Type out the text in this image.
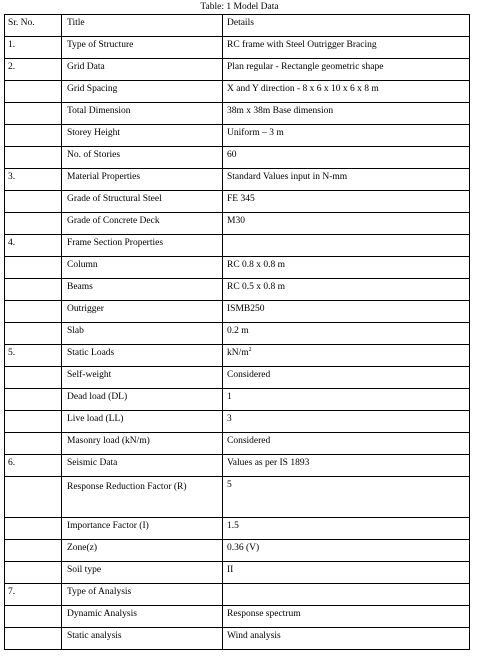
Table: 1 Model Data
Sr. No.	Title	Details
1.	Type of Structure	RC frame with Steel Outrigger Bracing
2.	Grid Data	Plan regular - Rectangle geometric shape
	Grid Spacing	X and Y direction - 8 x 6 x 10 x 6 x 8 m
	Total Dimension	38m x 38m Base dimension
	Storey Height	Uniform – 3 m
	No. of Stories	60
3.	Material Properties	Standard Values input in N-mm
	Grade of Structural Steel	FE 345
	Grade of Concrete Deck	M30
4.	Frame Section Properties	
	Column	RC 0.8 x 0.8 m
	Beams	RC 0.5 x 0.8 m
	Outrigger	ISMB250
	Slab	0.2 m
5.	Static Loads	$kN/m^2$
	Self-weight	Considered
	Dead load (DL)	1
	Live load (LL)	3
	Masonry load (kN/m)	Considered
6.	Seismic Data	Values as per IS 1893
	Response Reduction Factor (R)	5
	Importance Factor (I)	1.5
	Zone(z)	0.36 (V)
	Soil type	II
7.	Type of Analysis	
	Dynamic Analysis	Response spectrum
	Static analysis	Wind analysis
